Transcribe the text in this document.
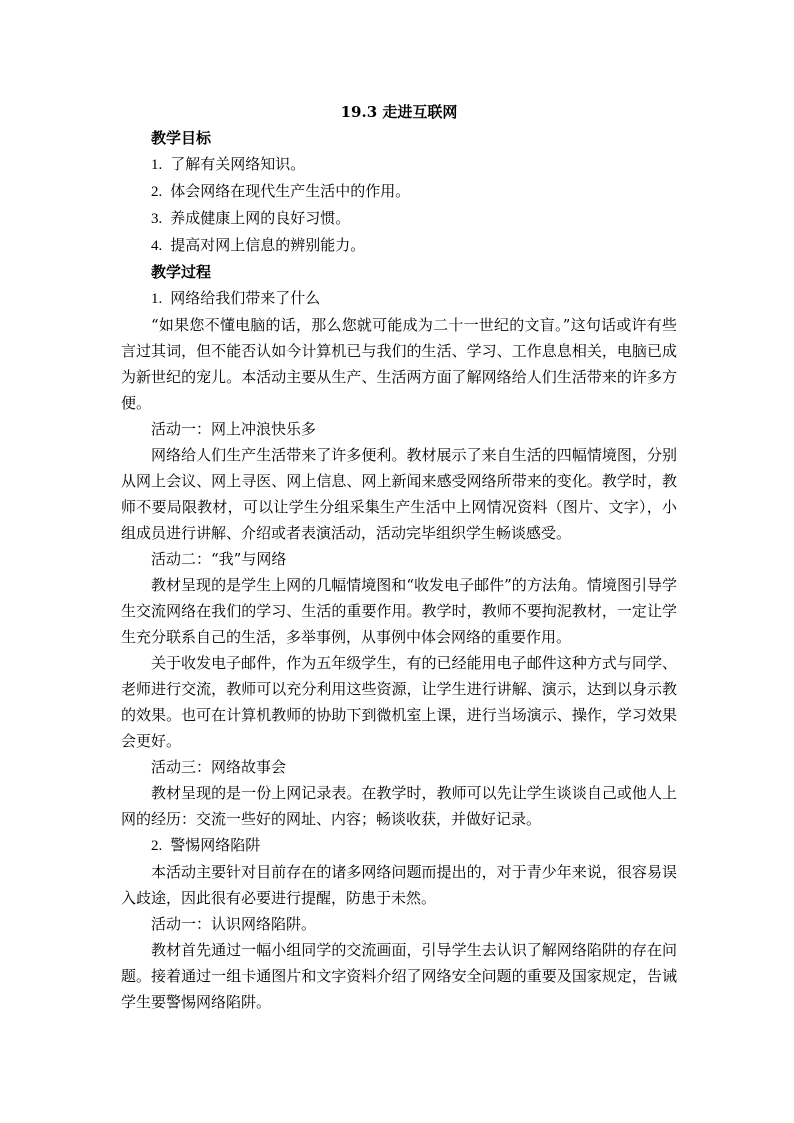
19.3 走进互联网

教学目标

1. 了解有关网络知识。

2. 体会网络在现代生产生活中的作用。

3. 养成健康上网的良好习惯。

4. 提高对网上信息的辨别能力。

教学过程

1. 网络给我们带来了什么

“如果您不懂电脑的话，那么您就可能成为二十一世纪的文盲。”这句话或许有些言过其词，但不能否认如今计算机已与我们的生活、学习、工作息息相关，电脑已成为新世纪的宠儿。本活动主要从生产、生活两方面了解网络给人们生活带来的许多方便。

活动一：网上冲浪快乐多

网络给人们生产生活带来了许多便利。教材展示了来自生活的四幅情境图，分别从网上会议、网上寻医、网上信息、网上新闻来感受网络所带来的变化。教学时，教师不要局限教材，可以让学生分组采集生产生活中上网情况资料（图片、文字），小组成员进行讲解、介绍或者表演活动，活动完毕组织学生畅谈感受。

活动二：“我”与网络

教材呈现的是学生上网的几幅情境图和“收发电子邮件”的方法角。情境图引导学生交流网络在我们的学习、生活的重要作用。教学时，教师不要拘泥教材，一定让学生充分联系自己的生活，多举事例，从事例中体会网络的重要作用。

关于收发电子邮件，作为五年级学生，有的已经能用电子邮件这种方式与同学、老师进行交流，教师可以充分利用这些资源，让学生进行讲解、演示，达到以身示教的效果。也可在计算机教师的协助下到微机室上课，进行当场演示、操作，学习效果会更好。

活动三：网络故事会

教材呈现的是一份上网记录表。在教学时，教师可以先让学生谈谈自己或他人上网的经历：交流一些好的网址、内容；畅谈收获，并做好记录。

2. 警惕网络陷阱

本活动主要针对目前存在的诸多网络问题而提出的，对于青少年来说，很容易误入歧途，因此很有必要进行提醒，防患于未然。

活动一：认识网络陷阱。

教材首先通过一幅小组同学的交流画面，引导学生去认识了解网络陷阱的存在问题。接着通过一组卡通图片和文字资料介绍了网络安全问题的重要及国家规定，告诫学生要警惕网络陷阱。
